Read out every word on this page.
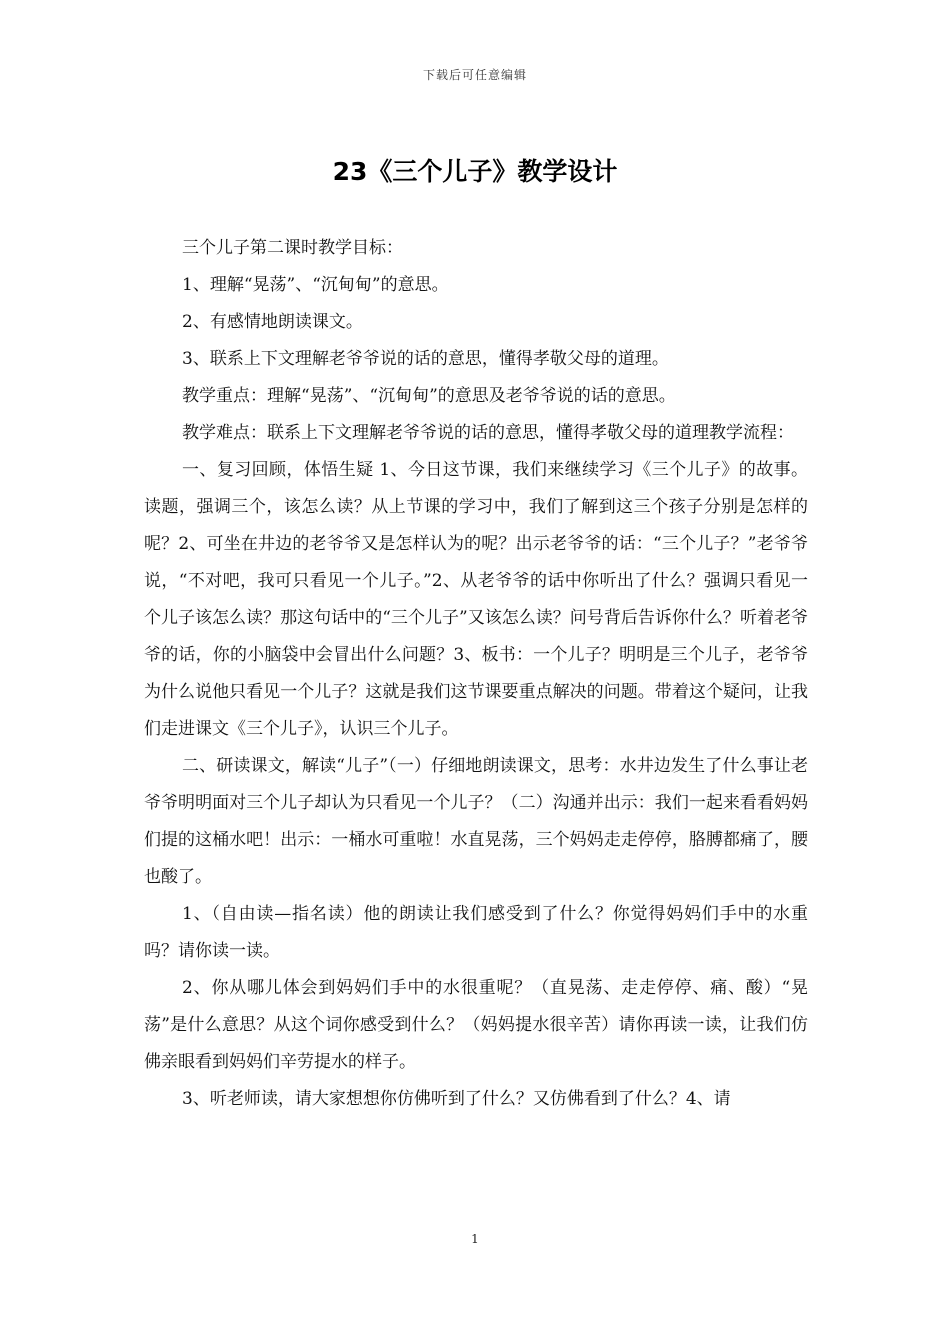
下载后可任意编辑
23《三个儿子》教学设计

三个儿子第二课时教学目标：

1、理解“晃荡”、“沉甸甸”的意思。

2、有感情地朗读课文。

3、联系上下文理解老爷爷说的话的意思，懂得孝敬父母的道理。

教学重点：理解“晃荡”、“沉甸甸”的意思及老爷爷说的话的意思。

教学难点：联系上下文理解老爷爷说的话的意思，懂得孝敬父母的道理教学流程：

一、复习回顾，体悟生疑 1、今日这节课，我们来继续学习《三个儿子》的故事。读题，强调三个，该怎么读？从上节课的学习中，我们了解到这三个孩子分别是怎样的呢？2、可坐在井边的老爷爷又是怎样认为的呢？出示老爷爷的话：“三个儿子？”老爷爷说，“不对吧，我可只看见一个儿子。”2、从老爷爷的话中你听出了什么？强调只看见一个儿子该怎么读？那这句话中的“三个儿子”又该怎么读？问号背后告诉你什么？听着老爷爷的话，你的小脑袋中会冒出什么问题？3、板书：一个儿子？明明是三个儿子，老爷爷为什么说他只看见一个儿子？这就是我们这节课要重点解决的问题。带着这个疑问，让我们走进课文《三个儿子》，认识三个儿子。

二、研读课文，解读“儿子”（一）仔细地朗读课文，思考：水井边发生了什么事让老爷爷明明面对三个儿子却认为只看见一个儿子？（二）沟通并出示：我们一起来看看妈妈们提的这桶水吧！出示：一桶水可重啦！水直晃荡，三个妈妈走走停停，胳膊都痛了，腰也酸了。

1、（自由读—指名读）他的朗读让我们感受到了什么？你觉得妈妈们手中的水重吗？请你读一读。

2、你从哪儿体会到妈妈们手中的水很重呢？（直晃荡、走走停停、痛、酸）“晃荡”是什么意思？从这个词你感受到什么？（妈妈提水很辛苦）请你再读一读，让我们仿佛亲眼看到妈妈们辛劳提水的样子。

3、听老师读，请大家想想你仿佛听到了什么？又仿佛看到了什么？4、请

1
